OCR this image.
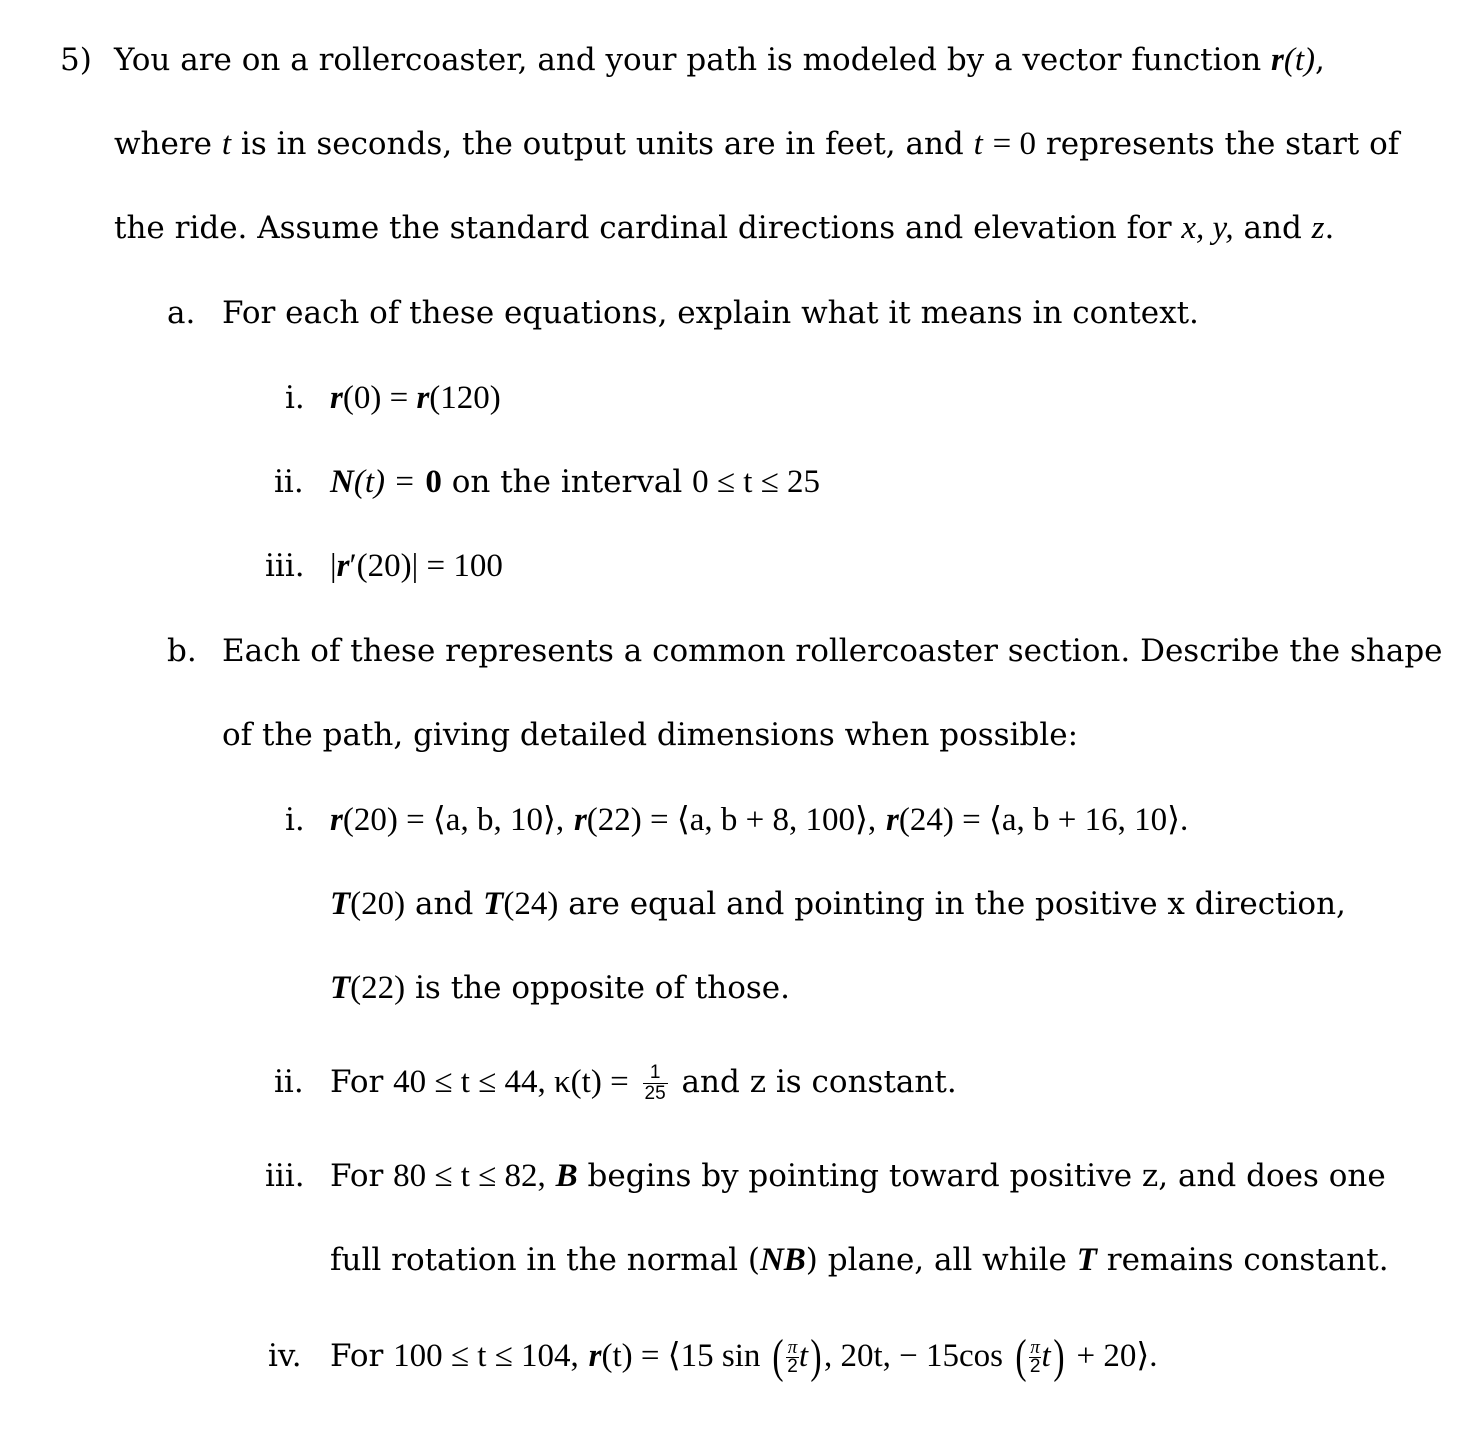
5) You are on a rollercoaster, and your path is modeled by a vector function r(t),
where t is in seconds, the output units are in feet, and t = 0 represents the start of
the ride. Assume the standard cardinal directions and elevation for x, y, and z.
a. For each of these equations, explain what it means in context.
i. r(0) = r(120)
ii. N(t) = 0 on the interval 0 ≤ t ≤ 25
iii. |r′(20)| = 100
b. Each of these represents a common rollercoaster section. Describe the shape
of the path, giving detailed dimensions when possible:
i. r(20) = ⟨a, b, 10⟩, r(22) = ⟨a, b + 8, 100⟩, r(24) = ⟨a, b + 16, 10⟩.
T(20) and T(24) are equal and pointing in the positive x direction,
T(22) is the opposite of those.
ii. For 40 ≤ t ≤ 44, $\kappa(t) = \frac{1}{25}$ and z is constant.
iii. For 80 ≤ t ≤ 82, B begins by pointing toward positive z, and does one
full rotation in the normal (NB) plane, all while T remains constant.
iv. For 100 ≤ t ≤ 104, r(t) = ⟨15 sin ( $\frac{\pi}{2} t$), 20t, − 15cos ( $\frac{\pi}{2} t$) + 20⟩.
